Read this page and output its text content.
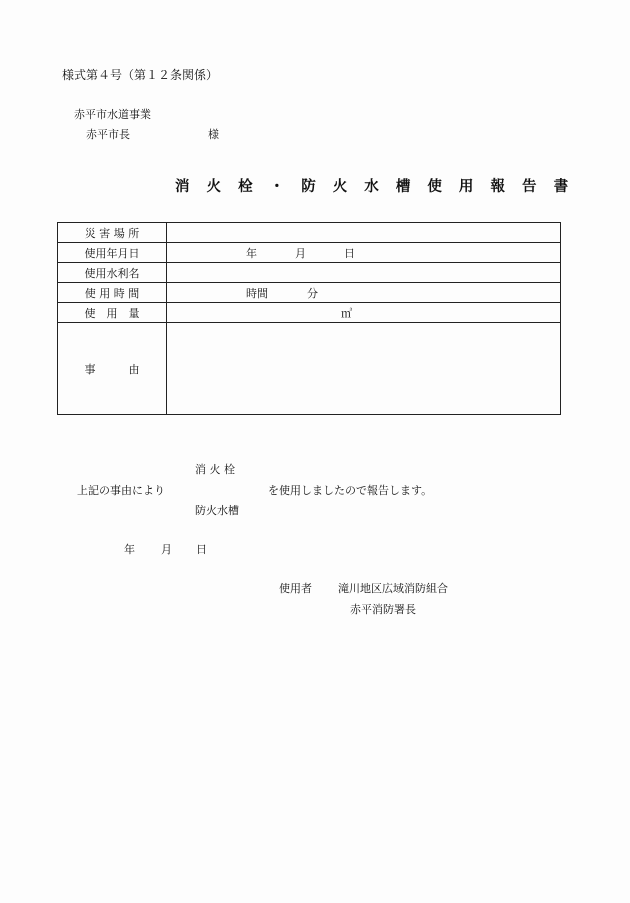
様式第４号（第１２条関係）
赤平市水道事業
赤平市長	様
消 火 栓 ・ 防 火 水 槽 使 用 報 告 書
災 害 場 所	
使用年月日	年 月 日

使用水利名	
使 用 時 間	時間 分

使　用　量	㎥

事　　　由	
消 火 栓
上記の事由により	を使用しましたので報告します。
防火水槽
年 月 日
使用者 滝川地区広域消防組合
赤平消防署長
